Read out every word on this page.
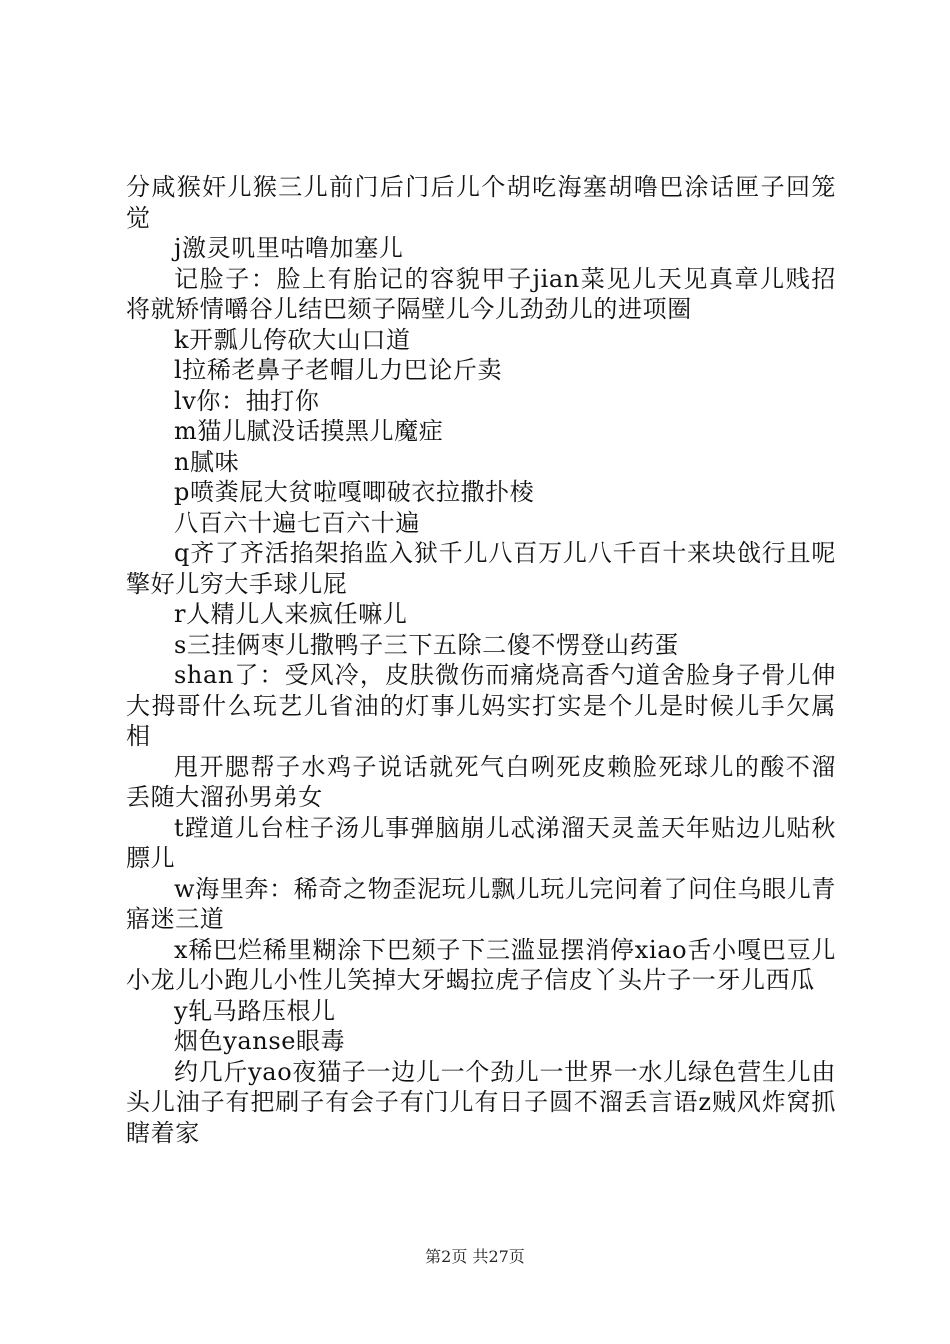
分咸猴奸儿猴三儿前门后门后儿个胡吃海塞胡噜巴涂话匣子回笼觉

j激灵叽里咕噜加塞儿

记脸子：脸上有胎记的容貌甲子jian菜见儿天见真章儿贱招将就矫情嚼谷儿结巴颏子隔壁儿今儿劲劲儿的进项圈

k开瓢儿侉砍大山口道

l拉稀老鼻子老帽儿力巴论斤卖

lv你：抽打你

m猫儿腻没话摸黑儿魔症

n腻味

p喷粪屁大贫啦嘎唧破衣拉撒扑棱

八百六十遍七百六十遍

q齐了齐活掐架掐监入狱千儿八百万儿八千百十来块戗行且呢擎好儿穷大手球儿屁

r人精儿人来疯任嘛儿

s三挂俩枣儿撒鸭子三下五除二傻不愣登山药蛋

shan了：受风冷，皮肤微伤而痛烧高香勺道舍脸身子骨儿伸大拇哥什么玩艺儿省油的灯事儿妈实打实是个儿是时候儿手欠属相

甩开腮帮子水鸡子说话就死气白咧死皮赖脸死球儿的酸不溜丢随大溜孙男弟女

t蹚道儿台柱子汤儿事弹脑崩儿忒涕溜天灵盖天年贴边儿贴秋膘儿

w海里奔：稀奇之物歪泥玩儿飘儿玩儿完问着了问住乌眼儿青寤迷三道

x稀巴烂稀里糊涂下巴颏子下三滥显摆消停xiao舌小嘎巴豆儿小龙儿小跑儿小性儿笑掉大牙蝎拉虎子信皮丫头片子一牙儿西瓜

y轧马路压根儿

烟色yanse眼毒

约几斤yao夜猫子一边儿一个劲儿一世界一水儿绿色营生儿由头儿油子有把刷子有会子有门儿有日子圆不溜丢言语z贼风炸窝抓瞎着家

第2页 共27页
